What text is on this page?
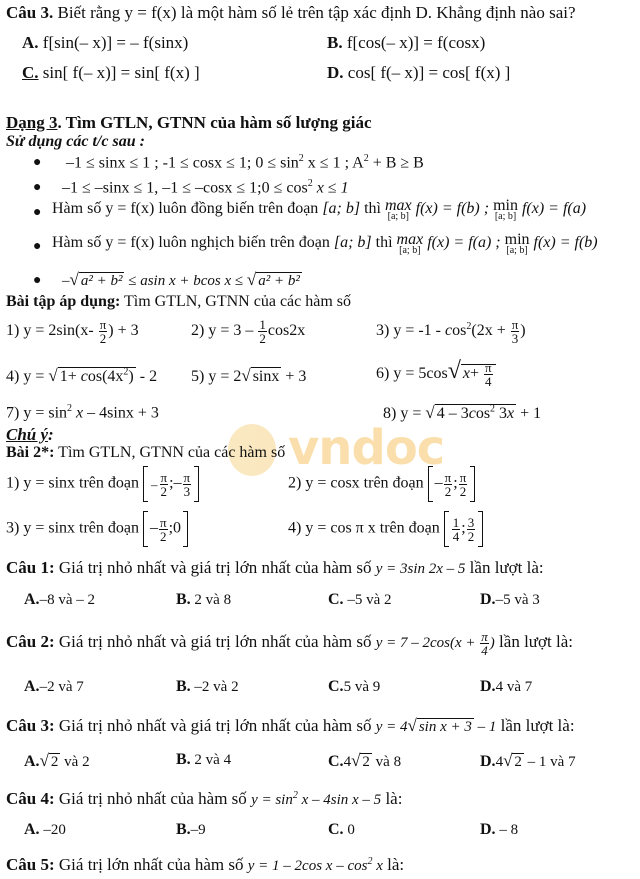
vndoc
Câu 3. Biết rằng y = f(x) là một hàm số lẻ trên tập xác định D. Khẳng định nào sai?
A. f[sin(– x)] = – f(sinx)	B. f[cos(– x)] = f(cosx)
C. sin[ f(– x)] = sin[ f(x) ]	D. cos[ f(– x)] = cos[ f(x) ]
Dạng 3. Tìm GTLN, GTNN của hàm số lượng giác
Sử dụng các t/c sau :
● –1 ≤ sinx ≤ 1 ; -1 ≤ cosx ≤ 1; $0 \le \sin^2 x \le 1$ ; $A^2 + B \ge B$
● –1 ≤ –sinx ≤ 1, –1 ≤ –cosx ≤ 1;0 ≤ $\cos^2 x \le 1$
● Hàm số y = f(x) luôn đồng biến trên đoạn [a; b] thì max
[a; b] f(x) = f(b) ; min
[a; b] f(x) = f(a)
● Hàm số y = f(x) luôn nghịch biến trên đoạn [a; b] thì max
[a; b] f(x) = f(a) ; min
[a; b] f(x) = f(b)
● –√ a² + b² ≤ asin x + bcos x ≤ √ a² + b²
Bài tập áp dụng: Tìm GTLN, GTNN của các hàm số
1) $y = 2\sin(x- \frac{\pi}{2}$ ) + 3	2) $y = 3 - \frac{1}{2} \cos 2x$	3) $y = -1 - \cos^2(2x + \frac{\pi}{3}$ )
4) y = √ $1+ \cos(4x^2) - 2$ 5) y = 2√ sinx + 3	6) y = 5cos√ $x+ \frac{\pi}{4}$
7) $y = \sin^2 x - 4\sin x + 3$	8) y = √ $4 - 3\cos^2$ 3x + 1
Chú ý:
Bài 2*: Tìm GTLN, GTNN của các hàm số
1) y = sinx trên đoạn – $\frac{\pi}{2}$ ;– $\frac{\pi}{3}$	2) y = cosx trên đoạn – $\frac{\pi}{2}$ ; $\frac{\pi}{2}$
3) y = sinx trên đoạn – $\frac{\pi}{2}$ ;0	4) y = cos π x trên đoạn $\frac{1}{4}$ ; $\frac{3}{2}$
Câu 1: Giá trị nhỏ nhất và giá trị lớn nhất của hàm số y = 3sin 2x – 5 lần lượt là:
A.–8 và – 2	B. 2 và 8	C. –5 và 2	D.–5 và 3
Câu 2: Giá trị nhỏ nhất và giá trị lớn nhất của hàm số $y = 7 - 2\cos(x + \frac{\pi}{4}$ ) lần lượt là:
A.–2 và 7	B. –2 và 2	C.5 và 9	D.4 và 7
Câu 3: Giá trị nhỏ nhất và giá trị lớn nhất của hàm số y = 4√ sin x + 3 – 1 lần lượt là:
A.√ 2 và 2	B. 2 và 4	C.4√ 2 và 8	D.4√ 2 – 1 và 7
Câu 4: Giá trị nhỏ nhất của hàm số $y = \sin^2 x - 4\sin$ x – 5 là:
A. –20	B.–9	C. 0	D. – 8
Câu 5: Giá trị lớn nhất của hàm số y = 1 – 2cos x – $\cos^2 x$ là:
